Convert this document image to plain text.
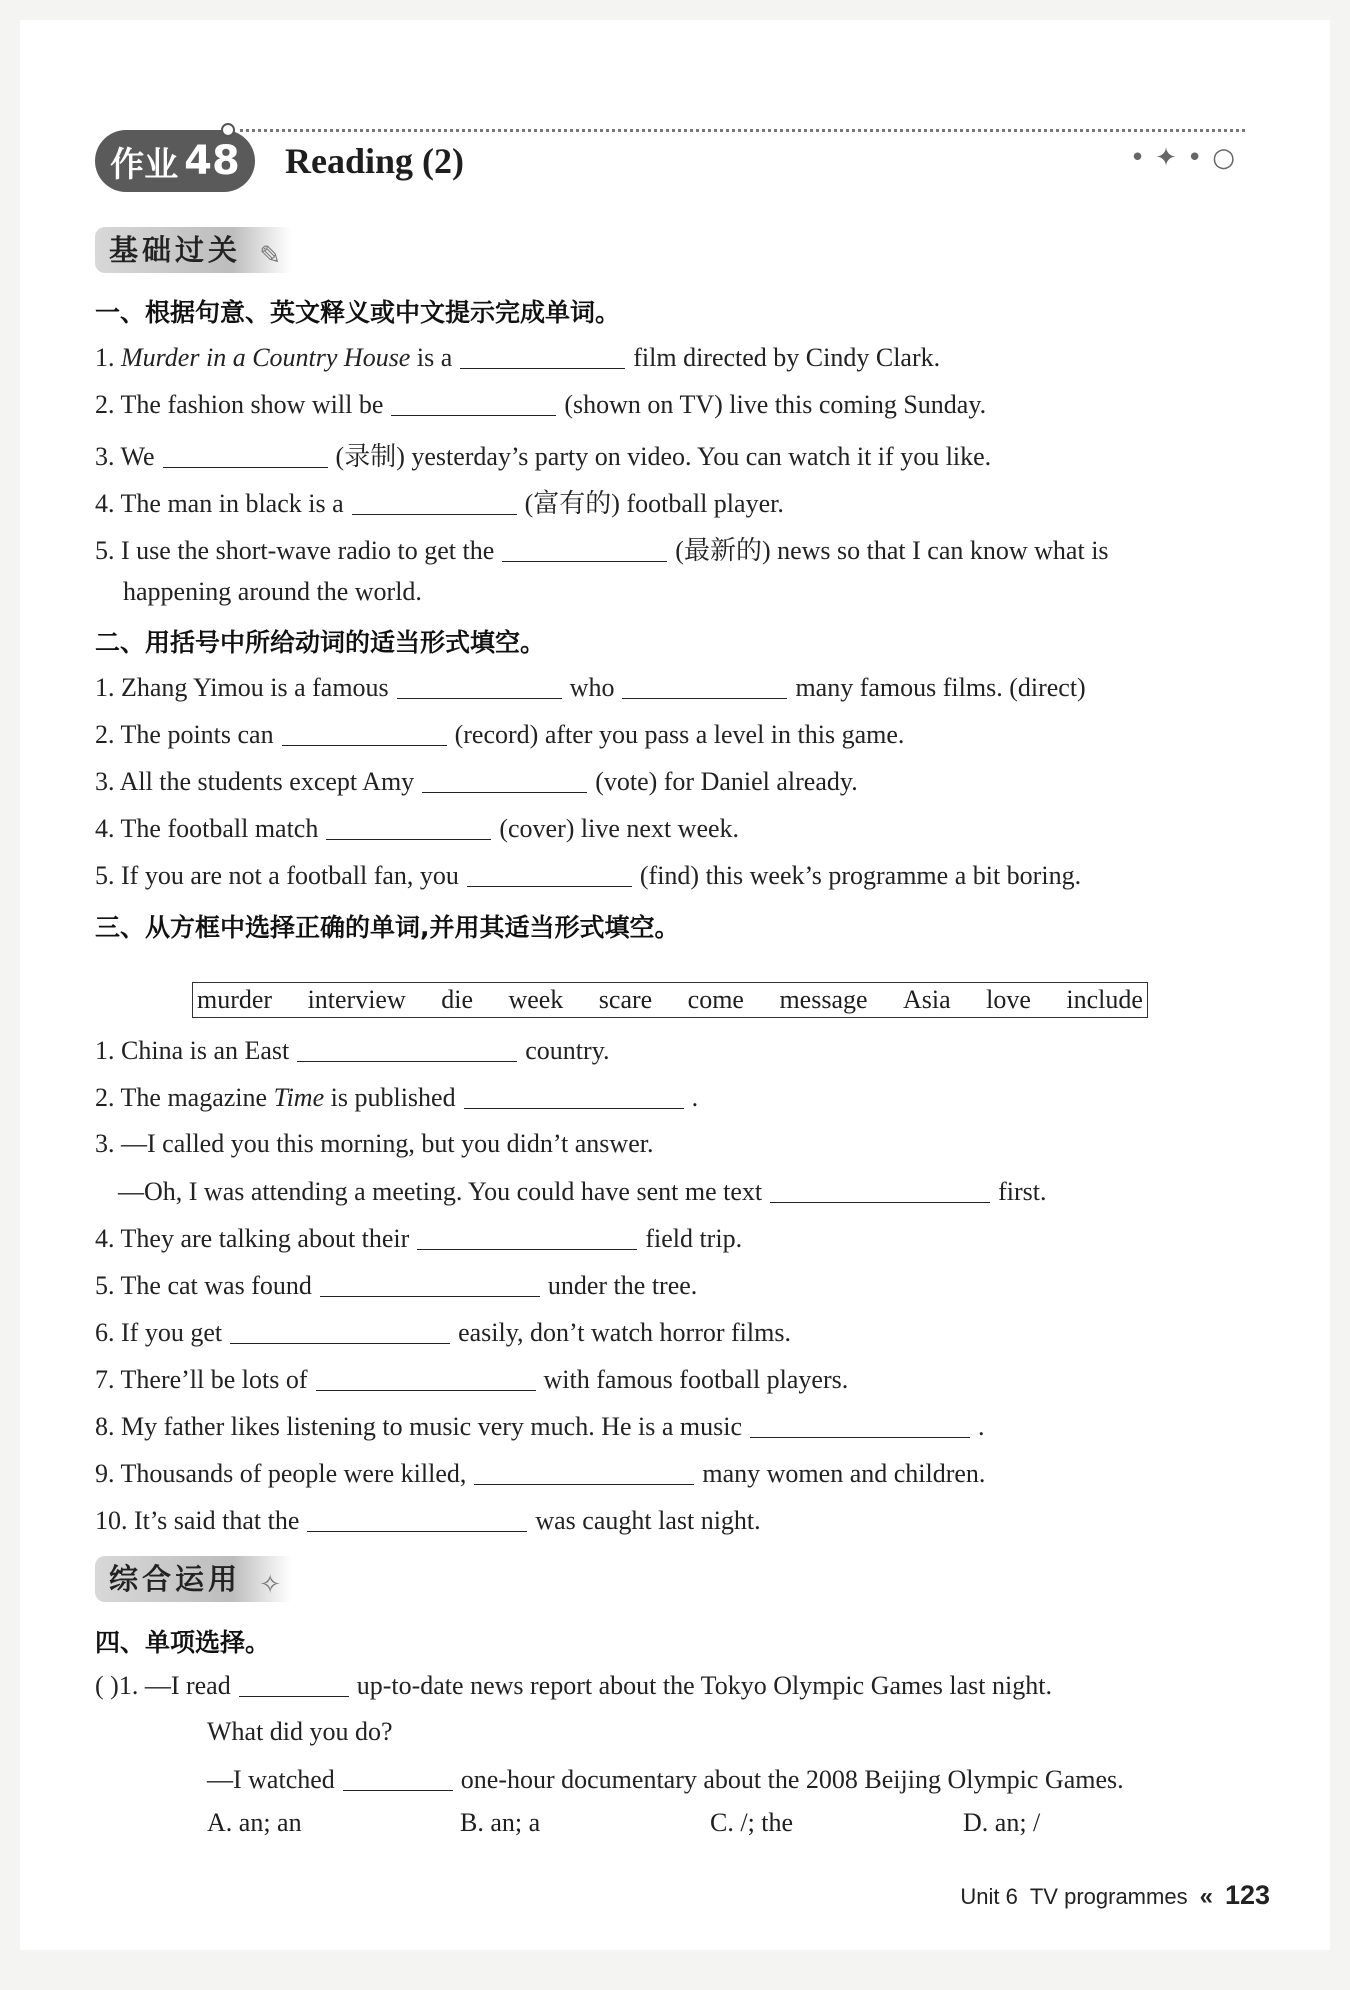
作业 48 Reading (2)	•✦•○
基础过关 ✎
一、根据句意、英文释义或中文提示完成单词。
1. Murder in a Country House is a	film directed by Cindy Clark.
2. The fashion show will be	(shown on TV) live this coming Sunday.
3. We	(录制) yesterday’s party on video. You can watch it if you like.
4. The man in black is a	(富有的) football player.
5. I use the short-wave radio to get the	(最新的) news so that I can know what is
happening around the world.
二、用括号中所给动词的适当形式填空。
1. Zhang Yimou is a famous	who	many famous films. (direct)
2. The points can	(record) after you pass a level in this game.
3. All the students except Amy	(vote) for Daniel already.
4. The football match	(cover) live next week.
5. If you are not a football fan, you	(find) this week’s programme a bit boring.
三、从方框中选择正确的单词,并用其适当形式填空。
murder interview die week scare come message Asia love include
1. China is an East	country.
2. The magazine Time is published	.
3. —I called you this morning, but you didn’t answer.
—Oh, I was attending a meeting. You could have sent me text	first.
4. They are talking about their	field trip.
5. The cat was found	under the tree.
6. If you get	easily, don’t watch horror films.
7. There’ll be lots of	with famous football players.
8. My father likes listening to music very much. He is a music	.
9. Thousands of people were killed,	many women and children.
10. It’s said that the	was caught last night.
综合运用 ✧
四、单项选择。
( )1. —I read	up-to-date news report about the Tokyo Olympic Games last night.
What did you do?
—I watched	one-hour documentary about the 2008 Beijing Olympic Games.
A. an; an	B. an; a	C. /; the	D. an; /
Unit 6 TV programmes « 123
